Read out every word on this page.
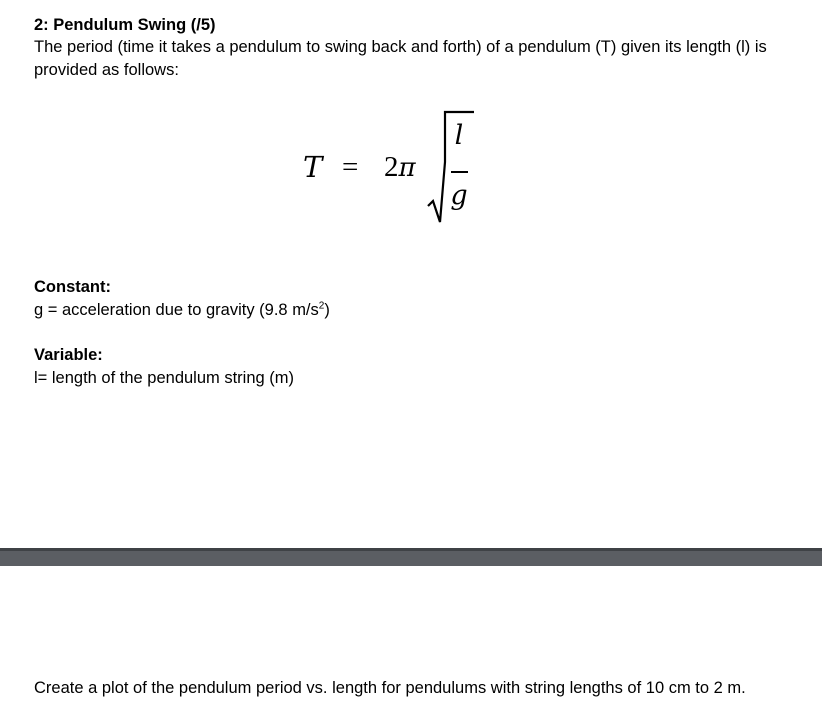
2: Pendulum Swing (/5)
The period (time it takes a pendulum to swing back and forth) of a pendulum (T) given its length (l) is provided as follows:
T = 2π
l
g
Constant:
g = acceleration due to gravity (9.8 $m/s^2$)
Variable:
l= length of the pendulum string (m)
Create a plot of the pendulum period vs. length for pendulums with string lengths of 10 cm to 2 m.
